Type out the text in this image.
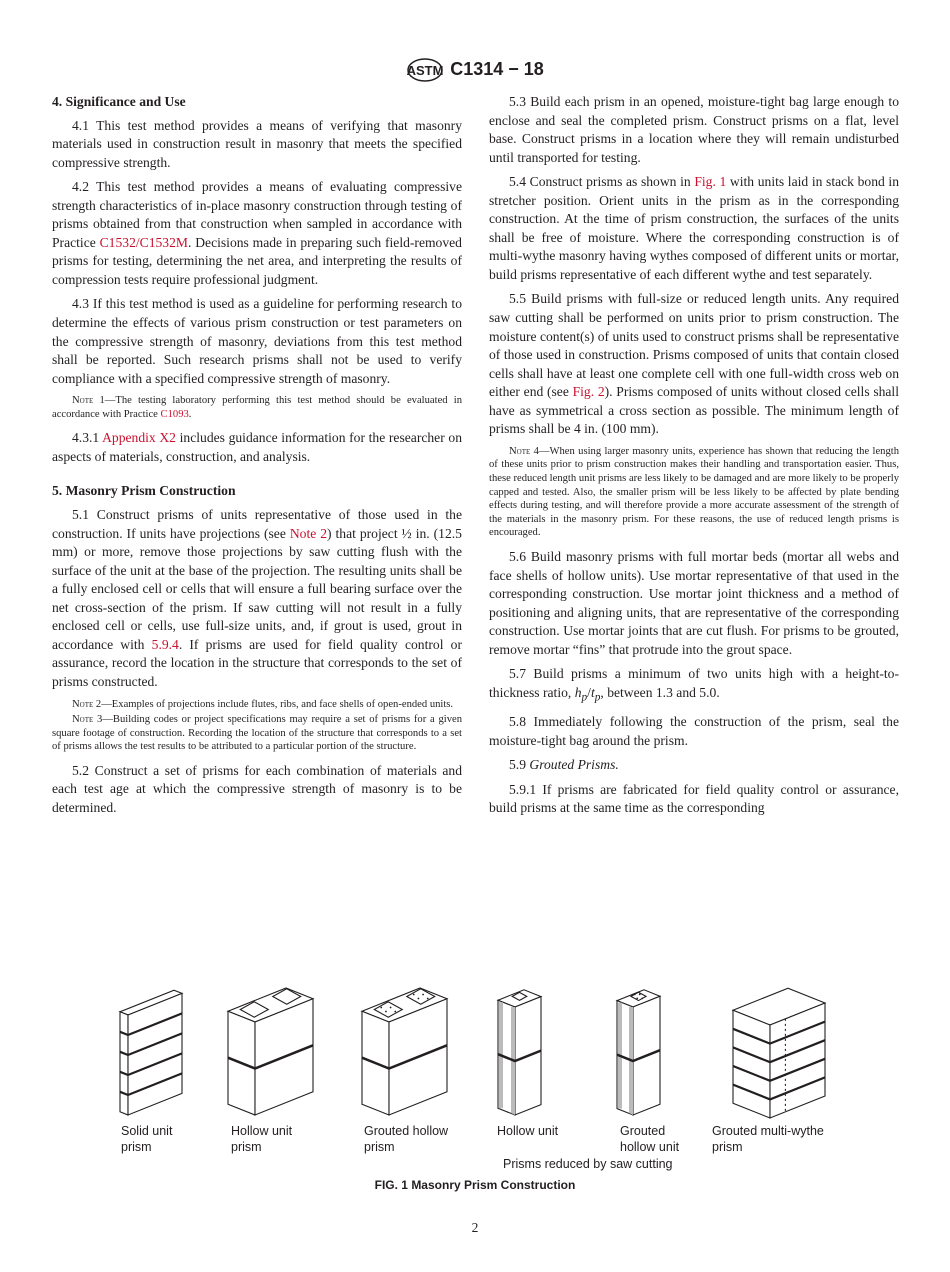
ASTM C1314 − 18
4. Significance and Use

4.1 This test method provides a means of verifying that masonry materials used in construction result in masonry that meets the specified compressive strength.

4.2 This test method provides a means of evaluating compressive strength characteristics of in-place masonry construction through testing of prisms obtained from that construction when sampled in accordance with Practice C1532/C1532M. Decisions made in preparing such field-removed prisms for testing, determining the net area, and interpreting the results of compression tests require professional judgment.

4.3 If this test method is used as a guideline for performing research to determine the effects of various prism construction or test parameters on the compressive strength of masonry, deviations from this test method shall be reported. Such research prisms shall not be used to verify compliance with a specified compressive strength of masonry.

Note 1—The testing laboratory performing this test method should be evaluated in accordance with Practice C1093.

4.3.1 Appendix X2 includes guidance information for the researcher on aspects of materials, construction, and analysis.

5. Masonry Prism Construction

5.1 Construct prisms of units representative of those used in the construction. If units have projections (see Note 2) that project ½ in. (12.5 mm) or more, remove those projections by saw cutting flush with the surface of the unit at the base of the projection. The resulting units shall be a fully enclosed cell or cells that will ensure a full bearing surface over the net cross-section of the prism. If saw cutting will not result in a fully enclosed cell or cells, use full-size units, and, if grout is used, grout in accordance with 5.9.4. If prisms are used for field quality control or assurance, record the location in the structure that corresponds to the set of prisms constructed.

Note 2—Examples of projections include flutes, ribs, and face shells of open-ended units.

Note 3—Building codes or project specifications may require a set of prisms for a given square footage of construction. Recording the location of the structure that corresponds to a set of prisms allows the test results to be attributed to a particular portion of the structure.

5.2 Construct a set of prisms for each combination of materials and each test age at which the compressive strength of masonry is to be determined.

5.3 Build each prism in an opened, moisture-tight bag large enough to enclose and seal the completed prism. Construct prisms on a flat, level base. Construct prisms in a location where they will remain undisturbed until transported for testing.

5.4 Construct prisms as shown in Fig. 1 with units laid in stack bond in stretcher position. Orient units in the prism as in the corresponding construction. At the time of prism construction, the surfaces of the units shall be free of moisture. Where the corresponding construction is of multi-wythe masonry having wythes composed of different units or mortar, build prisms representative of each different wythe and test separately.

5.5 Build prisms with full-size or reduced length units. Any required saw cutting shall be performed on units prior to prism construction. The moisture content(s) of units used to construct prisms shall be representative of those used in construction. Prisms composed of units that contain closed cells shall have at least one complete cell with one full-width cross web on either end (see Fig. 2). Prisms composed of units without closed cells shall have as symmetrical a cross section as possible. The minimum length of prisms shall be 4 in. (100 mm).

Note 4—When using larger masonry units, experience has shown that reducing the length of these units prior to prism construction makes their handling and transportation easier. Thus, these reduced length unit prisms are less likely to be damaged and are more likely to be properly capped and tested. Also, the smaller prism will be less likely to be affected by plate bending effects during testing, and will therefore provide a more accurate assessment of the strength of the materials in the masonry prism. For these reasons, the use of reduced length prisms is encouraged.

5.6 Build masonry prisms with full mortar beds (mortar all webs and face shells of hollow units). Use mortar representative of that used in the corresponding construction. Use mortar joint thickness and a method of positioning and aligning units, that are representative of the corresponding construction. Use mortar joints that are cut flush. For prisms to be grouted, remove mortar “fins” that protrude into the grout space.

5.7 Build prisms a minimum of two units high with a height-to-thickness ratio, $h_p/t_p$, between 1.3 and 5.0.

5.8 Immediately following the construction of the prism, seal the moisture-tight bag around the prism.

5.9 Grouted Prisms.

5.9.1 If prisms are fabricated for field quality control or assurance, build prisms at the same time as the corresponding

Solid unit
prism
Hollow unit
prism
Grouted hollow
prism
Hollow unit	Grouted
hollow unit
Grouted multi-wythe
prism
Prisms reduced by saw cutting
FIG. 1 Masonry Prism Construction
2
